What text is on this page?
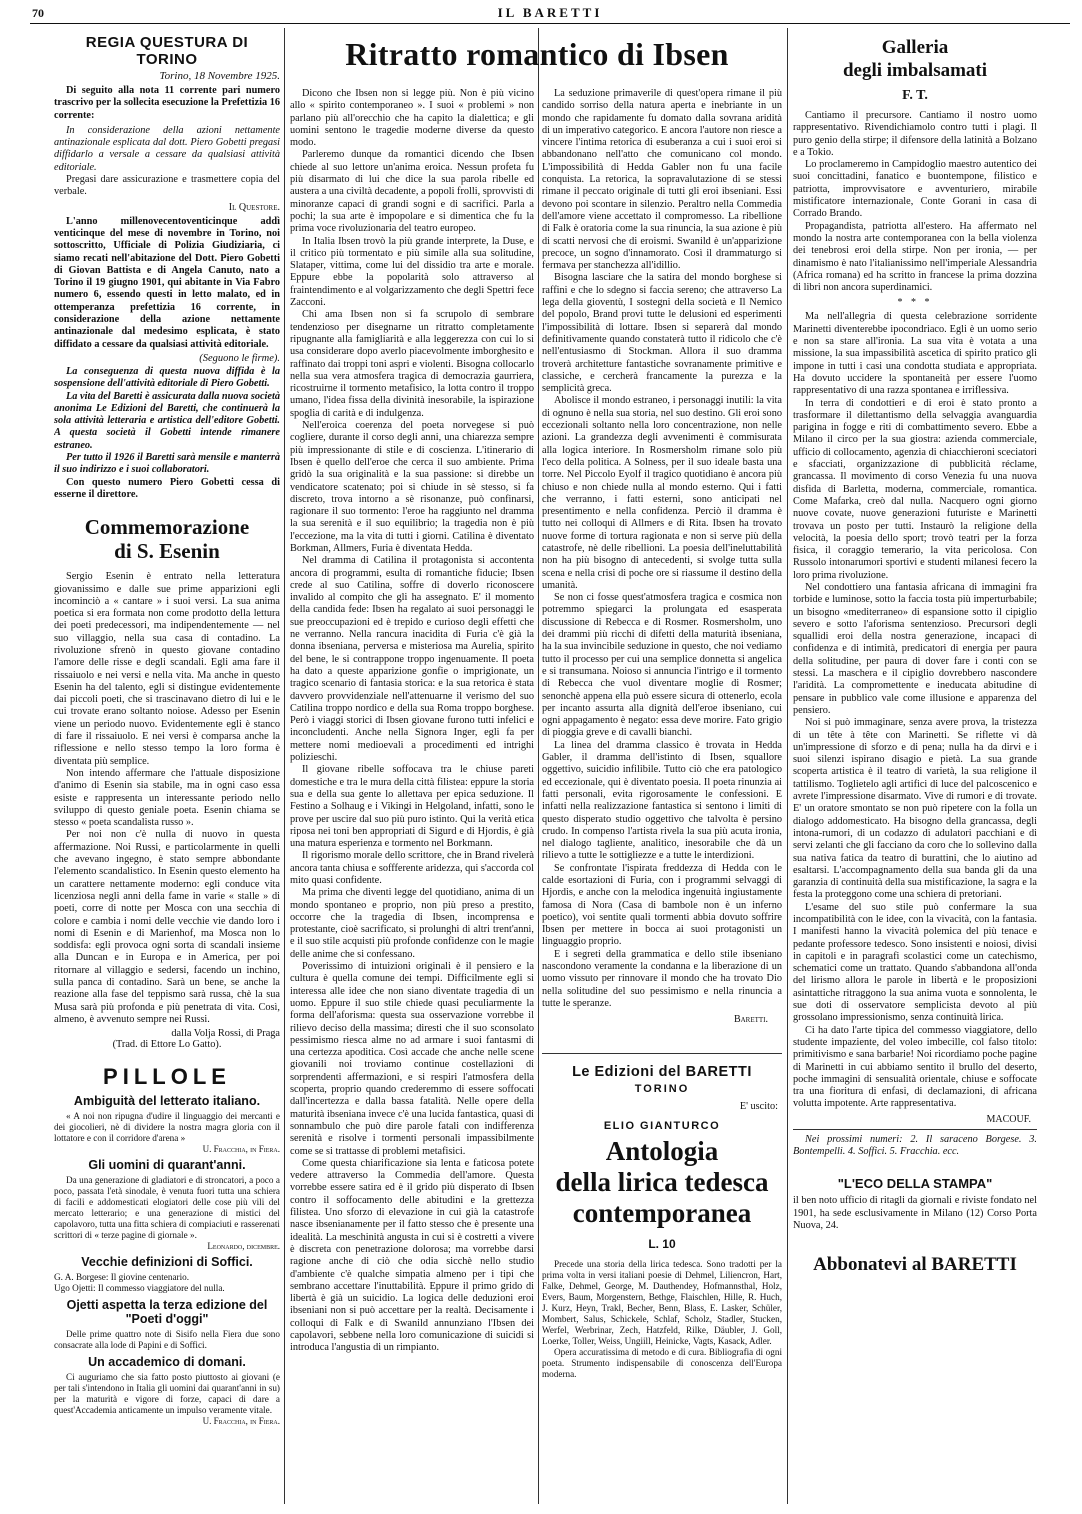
70	IL BARETTI
REGIA QUESTURA DI TORINO
Torino, 18 Novembre 1925.

Di seguito alla nota 11 corrente pari numero trascrivo per la sollecita esecuzione la Prefettizia 16 corrente:

In considerazione della azioni nettamente antinazionale esplicata dal dott. Piero Gobetti pregasi diffidarlo a versale a cessare da qualsiasi attività editoriale.

Pregasi dare assicurazione e trasmettere copia del verbale.

Il Questore.

L'anno millenovecentoventicinque addì venticinque del mese di novembre in Torino, noi sottoscritto, Ufficiale di Polizia Giudiziaria, ci siamo recati nell'abitazione del Dott. Piero Gobetti di Giovan Battista e di Angela Canuto, nato a Torino il 19 giugno 1901, qui abitante in Via Fabro numero 6, essendo questi in letto malato, ed in ottemperanza prefettizia 16 corrente, in considerazione della azione nettamente antinazionale dal medesimo esplicata, è stato diffidato a cessare da qualsiasi attività editoriale.

(Seguono le firme).

La conseguenza di questa nuova diffida è la sospensione dell'attività editoriale di Piero Gobetti.

La vita del Baretti è assicurata dalla nuova società anonima Le Edizioni del Baretti, che continuerà la sola attività letteraria e artistica dell'editore Gobetti. A questa società il Gobetti intende rimanere estraneo.

Per tutto il 1926 il Baretti sarà mensile e manterrà il suo indirizzo e i suoi collaboratori.

Con questo numero Piero Gobetti cessa di esserne il direttore.

Commemorazione
di S. Esenin

Sergio Esenin è entrato nella letteratura giovanissimo e dalle sue prime apparizioni egli incominciò a « cantare » i suoi versi. La sua anima poetica si era formata non come prodotto della lettura dei poeti predecessori, ma indipendentemente — nel suo villaggio, nella sua casa di contadino. La rivoluzione sfrenò in questo giovane contadino l'amore delle risse e degli scandali. Egli ama fare il rissaiuolo e nei versi e nella vita. Ma anche in questo Esenin ha del talento, egli si distingue evidentemente dai piccoli poeti, che si trascinavano dietro di lui e le cui trovate erano soltanto noiose. Adesso per Esenin viene un periodo nuovo. Evidentemente egli è stanco di fare il rissaiuolo. E nei versi è comparsa anche la riflessione e nello stesso tempo la loro forma è diventata più semplice.

Non intendo affermare che l'attuale disposizione d'animo di Esenin sia stabile, ma in ogni caso essa esiste e rappresenta un interessante periodo nello sviluppo di questo geniale poeta. Esenin chiama se stesso « poeta scandalista russo ».

Per noi non c'è nulla di nuovo in questa affermazione. Noi Russi, e particolarmente in quelli che avevano ingegno, è stato sempre abbondante l'elemento scandalistico. In Esenin questo elemento ha un carattere nettamente moderno: egli conduce vita licenziosa negli anni della fame in varie « stalle » di poeti, corre di notte per Mosca con una secchia di colore e cambia i nomi delle vecchie vie dando loro i nomi di Esenin e di Marienhof, ma Mosca non lo soddisfa: egli provoca ogni sorta di scandali insieme alla Duncan e in Europa e in America, per poi ritornare al villaggio e sedersi, facendo un inchino, sulla panca di contadino. Sarà un bene, se anche la reazione alla fase del teppismo sarà russa, chè la sua Musa sarà più profonda e più penetrata di vita. Così, almeno, è avvenuto sempre nei Russi.

dalla Volja Rossi, di Praga
(Trad. di Ettore Lo Gatto).
PILLOLE
Ambiguità del letterato italiano.

« A noi non ripugna d'udire il linguaggio dei mercanti e dei giocolieri, nè di dividere la nostra magra gloria con il lottatore e con il corridore d'arena »

U. Fracchia, in Fiera.
Gli uomini di quarant'anni.

Da una generazione di gladiatori e di stroncatori, a poco a poco, passata l'età sinodale, è venuta fuori tutta una schiera di facili e addomesticati elogiatori delle cose più vili del mercato letterario; e una generazione di mistici del capolavoro, tutta una fitta schiera di compiaciuti e rasserenati scrittori di « terze pagine di giornale ».

Leonardo, dicembre.
Vecchie definizioni di Soffici.
G. A. Borgese: Il giovine centenario.
Ugo Ojetti: Il commesso viaggiatore del nulla.
Ojetti aspetta la terza edizione del "Poeti d'oggi"

Delle prime quattro note di Sisifo nella Fiera due sono consacrate alla lode di Papini e di Soffici.

Un accademico di domani.

Ci auguriamo che sia fatto posto piuttosto ai giovani (e per tali s'intendono in Italia gli uomini dai quarant'anni in su) per la maturità e vigore di forze, capaci di dare a quest'Accademia anticamente un impulso veramente vitale.

U. Fracchia, in Fiera.
Ritratto romantico di Ibsen

Dicono che Ibsen non si legge più. Non è più vicino allo « spirito contemporaneo ». I suoi « problemi » non parlano più all'orecchio che ha capito la dialettica; e gli uomini sentono le tragedie moderne diverse da questo modo.

Parleremo dunque da romantici dicendo che Ibsen chiede al suo lettore un'anima eroica. Nessun profeta fu più disarmato di lui che dice la sua parola ribelle ed austera a una civiltà decadente, a popoli frolli, sprovvisti di minoranze capaci di grandi sogni e di sacrifici. Parla a pochi; la sua arte è impopolare e si dimentica che fu la prima voce rivoluzionaria del teatro europeo.

In Italia Ibsen trovò la più grande interprete, la Duse, e il critico più tormentato e più simile alla sua solitudine, Slataper, vittima, come lui del dissidio tra arte e morale. Eppure ebbe la popolarità solo attraverso al fraintendimento e al volgarizzamento che degli Spettri fece Zacconi.

Chi ama Ibsen non si fa scrupolo di sembrare tendenzioso per disegnarne un ritratto completamente ripugnante alla famigliarità e alla leggerezza con cui lo si usa considerare dopo averlo piacevolmente imborghesito e raffinato dai troppi toni aspri e violenti. Bisogna collocarlo nella sua vera atmosfera tragica di democrazia gaurriera, ricostruirne il tormento metafisico, la lotta contro il troppo umano, l'idea fissa della divinità inesorabile, la ispirazione spoglia di carità e di indulgenza.

Nell'eroica coerenza del poeta norvegese si può cogliere, durante il corso degli anni, una chiarezza sempre più impressionante di stile e di coscienza. L'itinerario di Ibsen è quello dell'eroe che cerca il suo ambiente. Prima gridò la sua originalità e la sua passione: si direbbe un vendicatore scatenato; poi si chiude in sè stesso, si fa discreto, trova intorno a sè risonanze, può confinarsi, ragionare il suo tormento: l'eroe ha raggiunto nel dramma la sua serenità e il suo equilibrio; la tragedia non è più l'eccezione, ma la vita di tutti i giorni. Catilina è diventato Borkman, Allmers, Furia è diventata Hedda.

Nel dramma di Catilina il protagonista si accontenta ancora di programmi, esulta di romantiche fiducie; Ibsen crede al suo Catilina, soffre di doverlo riconoscere invalido al compito che gli ha assegnato. E' il momento della candida fede: Ibsen ha regalato ai suoi personaggi le sue preoccupazioni ed è trepido e curioso degli effetti che ne verranno. Nella rancura inacidita di Furia c'è già la donna ibseniana, perversa e misteriosa ma Aurelia, spirito del bene, le si contrappone troppo ingenuamente. Il poeta ha dato a queste apparizione gonfie o imprigionate, un tragico scenario di fantasia storica: e la sua retorica è stata davvero provvidenziale nell'attenuarne il verismo del suo Catilina troppo nordico e della sua Roma troppo borghese. Però i viaggi storici di Ibsen giovane furono tutti infelici e inconcludenti. Anche nella Signora Inger, egli fa per mettere nomi medioevali a procedimenti ed intrighi polizieschi.

Il giovane ribelle soffocava tra le chiuse pareti domestiche e tra le mura della città filistea: eppure la storia sua e della sua gente lo allettava per epica seduzione. Il Festino a Solhaug e i Vikingi in Helgoland, infatti, sono le prove per uscire dal suo più puro istinto. Qui la verità etica riposa nei toni ben appropriati di Sigurd e di Hjordis, è già una matura esperienza e tormento nel Borkmann.

Il rigorismo morale dello scrittore, che in Brand rivelerà ancora tanta chiusa e soffferente aridezza, qui s'accorda col mito quasi confidente.

Ma prima che diventi legge del quotidiano, anima di un mondo spontaneo e proprio, non più preso a prestito, occorre che la tragedia di Ibsen, incomprensa e protestante, cioè sacrificato, si prolunghi di altri trent'anni, e il suo stile acquisti più profonde confidenze con le magie delle anime che si confessano.

Poverissimo di intuizioni originali è il pensiero e la cultura è quella comune dei tempi. Difficilmente egli si interessa alle idee che non siano diventate tragedia di un uomo. Eppure il suo stile chiede quasi peculiarmente la forma dell'aforisma: questa sua osservazione vorrebbe il rilievo deciso della massima; diresti che il suo sconsolato pessimismo riesca alme no ad armare i suoi fantasmi di una certezza apoditica. Così accade che anche nelle scene giovanili noi troviamo continue costellazioni di sorprendenti affermazioni, e si respiri l'atmosfera della scoperta, proprio quando crederemmo di essere soffocati dall'incertezza e dalla bassa fatalità. Nelle opere della maturità ibseniana invece c'è una lucida fantastica, quasi di sonnambulo che può dire parole fatali con indifferenza serenità e risolve i tormenti personali impassibilmente come se si trattasse di problemi metafisici.

Come questa chiarificazione sia lenta e faticosa potete vedere attraverso la Commedia dell'amore. Questa vorrebbe essere satira ed è il grido più disperato di Ibsen contro il soffocamento delle abitudini e la grettezza filistea. Uno sforzo di elevazione in cui già la catastrofe nasce ibsenianamente per il fatto stesso che è presente una idealità. La meschinità angusta in cui si è costretti a vivere è discreta con penetrazione dolorosa; ma vorrebbe darsi ragione anche di ciò che odia sicchè nello studio d'ambiente c'è qualche simpatia almeno per i tipi che sembrano accettare l'inuttabilità. Eppure il primo grido di libertà è già un suicidio. La logica delle deduzioni eroi ibseniani non si può accettare per la realtà. Decisamente i colloqui di Falk e di Swanild annunziano l'Ibsen dei capolavori, sebbene nella loro comunicazione di suicidi si introduca l'angustia di un rimpianto.

La seduzione primaverile di quest'opera rimane il più candido sorriso della natura aperta e inebriante in un mondo che rapidamente fu domato dalla sovrana aridità di un imperativo categorico. E ancora l'autore non riesce a vincere l'intima retorica di esuberanza a cui i suoi eroi si abbandonano nell'atto che comunicano col mondo. L'impossibilità di Hedda Gabler non fu una facile conquista. La retorica, la sopravalutazione di se stessi rimane il peccato originale di tutti gli eroi ibseniani. Essi devono poi scontare in silenzio. Peraltro nella Commedia dell'amore viene accettato il compromesso. La ribellione di Falk è oratoria come la sua rinuncia, la sua azione è più di scatti nervosi che di eroismi. Swanild è un'apparizione precoce, un sogno d'innamorato. Così il drammaturgo si fermava per stanchezza all'idillio.

Bisogna lasciare che la satira del mondo borghese si raffini e che lo sdegno si faccia sereno; che attraverso La lega della gioventù, I sostegni della società e Il Nemico del popolo, Brand provi tutte le delusioni ed esperimenti l'impossibilità di lottare. Ibsen si separerà dal mondo definitivamente quando constaterà tutto il ridicolo che c'è nell'entusiasmo di Stockman. Allora il suo dramma troverà architetture fantastiche sovranamente primitive e classiche, e cercherà francamente la purezza e la semplicità greca.

Abolisce il mondo estraneo, i personaggi inutili: la vita di ognuno è nella sua storia, nel suo destino. Gli eroi sono eccezionali soltanto nella loro concentrazione, non nelle azioni. La grandezza degli avvenimenti è commisurata alla logica interiore. In Rosmersholm rimane solo più l'eco della politica. A Solness, per il suo ideale basta una torre. Nel Piccolo Eyolf il tragico quotidiano è ancora più chiuso e non chiede nulla al mondo esterno. Qui i fatti che verranno, i fatti esterni, sono anticipati nel presentimento e nella confidenza. Perciò il dramma è tutto nei colloqui di Allmers e di Rita. Ibsen ha trovato nuove forme di tortura ragionata e non si serve più della catastrofe, nè delle ribellioni. La poesia dell'ineluttabilità non ha più bisogno di antecedenti, si svolge tutta sulla scena e nella crisi di poche ore si riassume il destino della umanità.

Se non ci fosse quest'atmosfera tragica e cosmica non potremmo spiegarci la prolungata ed esasperata discussione di Rebecca e di Rosmer. Rosmersholm, uno dei drammi più ricchi di difetti della maturità ibseniana, ha la sua invincibile seduzione in questo, che noi vediamo tutto il processo per cui una semplice donnetta si angelica e si transumana. Noioso si annuncia l'intrigo e il tormento di Rebecca che vuol diventare moglie di Rosmer; senonchè appena ella può essere sicura di ottenerlo, ecola per incanto assurta alla dignità dell'eroe ibseniano, cui ogni appagamento è negato: essa deve morire. Fato grigio di pioggia greve e di cavalli bianchi.

La linea del dramma classico è trovata in Hedda Gabler, il dramma dell'istinto di Ibsen, squallore oggettivo, suicidio infilibile. Tutto ciò che era patologico ed eccezionale, qui è diventato poesia. Il poeta rinunzia ai fatti personali, evita rigorosamente le confessioni. E infatti nella realizzazione fantastica si sentono i limiti di questo disperato studio oggettivo che talvolta è persino crudo. In compenso l'artista rivela la sua più acuta ironia, nel dialogo tagliente, analitico, inesorabile che dà un rilievo a tutte le sottigliezze e a tutte le interdizioni.

Se confrontate l'ispirata freddezza di Hedda con le calde esortazioni di Furia, con i programmi selvaggi di Hjordis, e anche con la melodica ingenuità ingiustamente famosa di Nora (Casa di bambole non è un inferno poetico), voi sentite quali tormenti abbia dovuto soffrire Ibsen per mettere in bocca ai suoi protagonisti un linguaggio proprio.

E i segreti della grammatica e dello stile ibseniano nascondono veramente la condanna e la liberazione di un uomo vissuto per rinnovare il mondo che ha trovato Dio nella solitudine del suo pessimismo e nella rinuncia a tutte le speranze.

Baretti.
Le Edizioni del BARETTI
TORINO
E' uscito:
ELIO GIANTURCO
Antologia
della lirica tedesca
contemporanea
L. 10

Precede una storia della lirica tedesca. Sono tradotti per la prima volta in versi italiani poesie di Dehmel, Liliencron, Hart, Falke, Dehmel, George, M. Dauthendey, Hofmannsthal, Holz, Evers, Baum, Morgenstern, Bethge, Flaischlen, Hille, R. Huch, J. Kurz, Heyn, Trakl, Becher, Benn, Blass, E. Lasker, Schüler, Mombert, Salus, Schickele, Schlaf, Scholz, Stadler, Stucken, Werfel, Werbrinar, Zech, Hatzfeld, Rilke, Däubler, J. Goll, Loerke, Toller, Weiss, Ungiill, Heinicke, Vagts, Kasack, Adler.

Opera accuratissima di metodo e di cura. Bibliografia di ogni poeta. Strumento indispensabile di conoscenza dell'Europa moderna.

Galleria
degli imbalsamati
F. T.

Cantiamo il precursore. Cantiamo il nostro uomo rappresentativo. Rivendichiamolo contro tutti i plagi. Il puro genio della stirpe; il difensore della latinità a Bolzano e a Tokio.

Lo proclameremo in Campidoglio maestro autentico dei suoi concittadini, fanatico e buontempone, filistico e patriotta, improvvisatore e avventuriero, mirabile mistificatore internazionale, Conte Gorani in casa di Corrado Brando.

Propagandista, patriotta all'estero. Ha affermato nel mondo la nostra arte contemporanea con la bella violenza dei tenebrosi eroi della stirpe. Non per ironia, — per dinamismo è nato l'italianissimo nell'imperiale Alessandria (Africa romana) ed ha scritto in francese la prima dozzina di libri non ancora superdinamici.

* * *

Ma nell'allegria di questa celebrazione sorridente Marinetti diventerebbe ipocondriaco. Egli è un uomo serio e non sa stare all'ironia. La sua vita è votata a una missione, la sua impassibilità ascetica di spirito pratico gli impone in tutti i casi una condotta studiata e appropriata. Ha dovuto uccidere la spontaneità per essere l'uomo rappresentativo di una razza spontanea e irriflessiva.

In terra di condottieri e di eroi è stato pronto a trasformare il dilettantismo della selvaggia avanguardia parigina in fogge e riti di combattimento severo. Ebbe a Milano il circo per la sua giostra: azienda commerciale, ufficio di collocamento, agenzia di chiacchieroni sceciatori e sfacciati, organizzazione di pubblicità réclame, grancassa. Il movimento di corso Venezia fu una nuova disfida di Barletta, moderna, commerciale, romantica. Come Mafarka, creò dal nulla. Nacquero ogni giorno nuove covate, nuove generazioni futuriste e Marinetti trovava un posto per tutti. Instaurò la religione della velocità, la poesia dello sport; trovò teatri per la forza fisica, il coraggio temerario, la vita pericolosa. Con Russolo intonarumori sportivi e studenti milanesi fecero la loro prima rivoluzione.

Nel condottiero una fantasia africana di immagini fra torbide e luminose, sotto la faccia tosta più imperturbabile; un bisogno «mediterraneo» di espansione sotto il cipiglio severo e sotto l'aforisma sentenzioso. Precursori degli squallidi eroi della nostra generazione, incapaci di confidenza e di intimità, predicatori di energia per paura della solitudine, per paura di dover fare i conti con se stessi. La maschera e il cipiglio dovrebbero nascondere l'aridità. La compromettente e ineducata abitudine di pensare in pubblico vale come illusione e apparenza del pensiero.

Noi si può immaginare, senza avere prova, la tristezza di un tête à tête con Marinetti. Se riflette vi dà un'impressione di sforzo e di pena; nulla ha da dirvi e i suoi silenzi ispirano disagio e pietà. La sua grande scoperta artistica è il teatro di varietà, la sua religione il tattilismo. Toglietelo agli artifici di luce del palcoscenico e avrete l'impressione disarmato. Vive di rumori e di trovate. E' un oratore smontato se non può ripetere con la folla un dialogo addomesticato. Ha bisogno della grancassa, degli intona-rumori, di un codazzo di adulatori pacchiani e di servi zelanti che gli facciano da coro che lo sollevino dalla sua nativa fatica da teatro di burattini, che lo aiutino ad esaltarsi. L'accompagnamento della sua banda gli da una garanzia di continuità della sua mistificazione, la sagra e la festa la proteggono come una schiera di pretoriani.

L'esame del suo stile può confermare la sua incompatibilità con le idee, con la vivacità, con la fantasia. I manifesti hanno la vivacità polemica del più tenace e pedante professore tedesco. Sono insistenti e noiosi, divisi in capitoli e in paragrafi scolastici come un catechismo, schematici come un trattato. Quando s'abbandona all'onda del lirismo allora le parole in libertà e le proposizioni asintattiche ritraggono la sua anima vuota e sonnolenta, le sue doti di osservatore semplicista devoto al più grossolano impressionismo, senza continuità lirica.

Ci ha dato l'arte tipica del commesso viaggiatore, dello studente impaziente, del voleo imbecille, col falso titolo: primitivismo e sana barbarie! Noi ricordiamo poche pagine di Marinetti in cui abbiamo sentito il brullo del deserto, poche immagini di sensualità orientale, chiuse e soffocate tra una fioritura di enfasi, di declamazioni, di africana volutta impotente. Arte rappresentativa.

MACOUF.

Nei prossimi numeri: 2. Il saraceno Borgese. 3. Bontempelli. 4. Soffici. 5. Fracchia. ecc.

"L'ECO DELLA STAMPA"

il ben noto ufficio di ritagli da giornali e riviste fondato nel 1901, ha sede esclusivamente in Milano (12) Corso Porta Nuova, 24.

Abbonatevi al BARETTI
